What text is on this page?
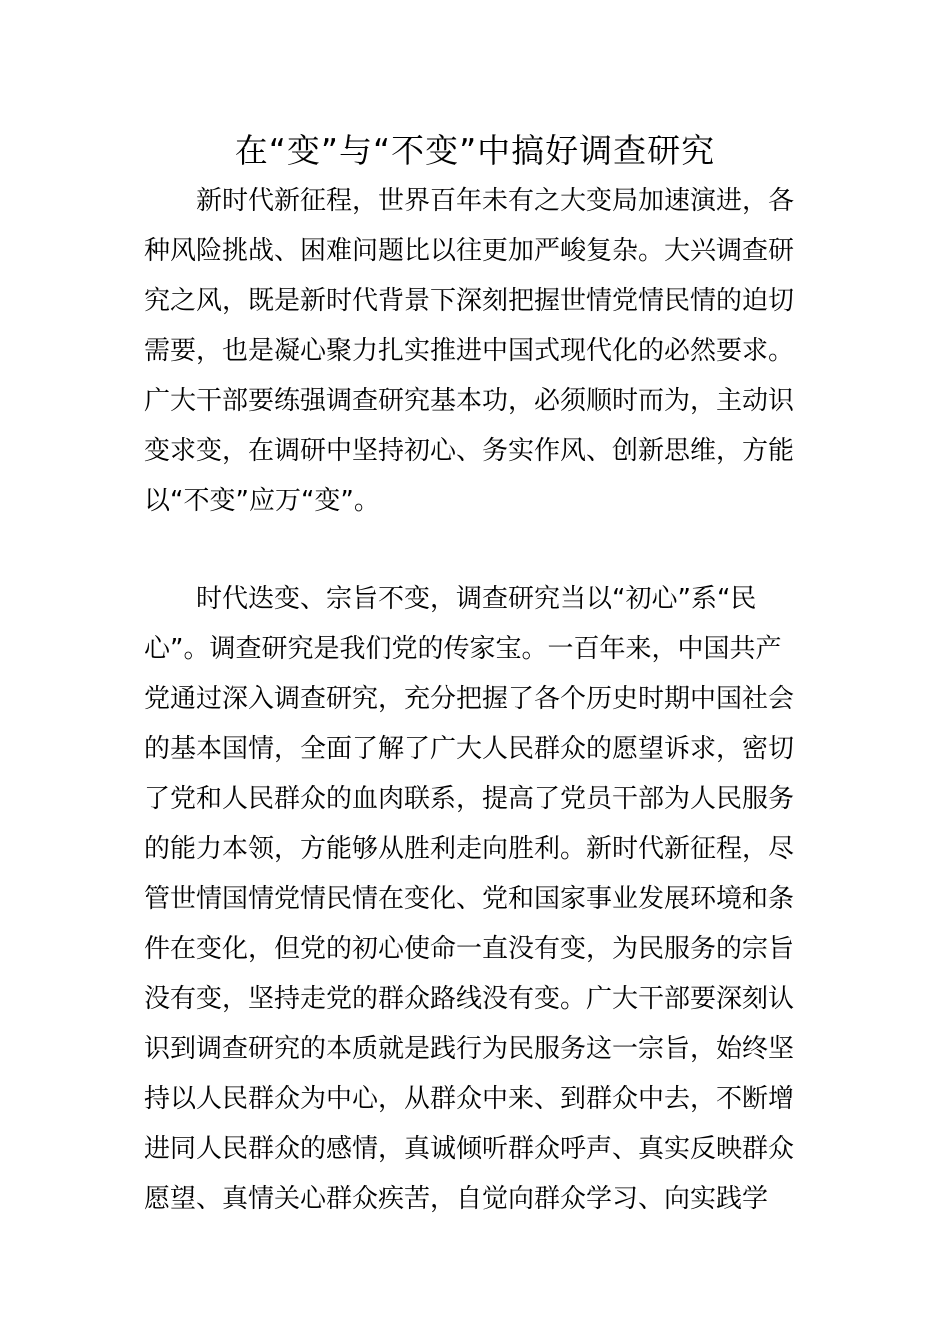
在“变”与“不变”中搞好调查研究
新时代新征程，世界百年未有之大变局加速演进，各
种风险挑战、困难问题比以往更加严峻复杂。大兴调查研
究之风，既是新时代背景下深刻把握世情党情民情的迫切
需要，也是凝心聚力扎实推进中国式现代化的必然要求。
广大干部要练强调查研究基本功，必须顺时而为，主动识
变求变，在调研中坚持初心、务实作风、创新思维，方能
以“不变”应万“变”。
时代迭变、宗旨不变，调查研究当以“初心”系“民
心”。调查研究是我们党的传家宝。一百年来，中国共产
党通过深入调查研究，充分把握了各个历史时期中国社会
的基本国情，全面了解了广大人民群众的愿望诉求，密切
了党和人民群众的血肉联系，提高了党员干部为人民服务
的能力本领，方能够从胜利走向胜利。新时代新征程，尽
管世情国情党情民情在变化、党和国家事业发展环境和条
件在变化，但党的初心使命一直没有变，为民服务的宗旨
没有变，坚持走党的群众路线没有变。广大干部要深刻认
识到调查研究的本质就是践行为民服务这一宗旨，始终坚
持以人民群众为中心，从群众中来、到群众中去，不断增
进同人民群众的感情，真诚倾听群众呼声、真实反映群众
愿望、真情关心群众疾苦，自觉向群众学习、向实践学
